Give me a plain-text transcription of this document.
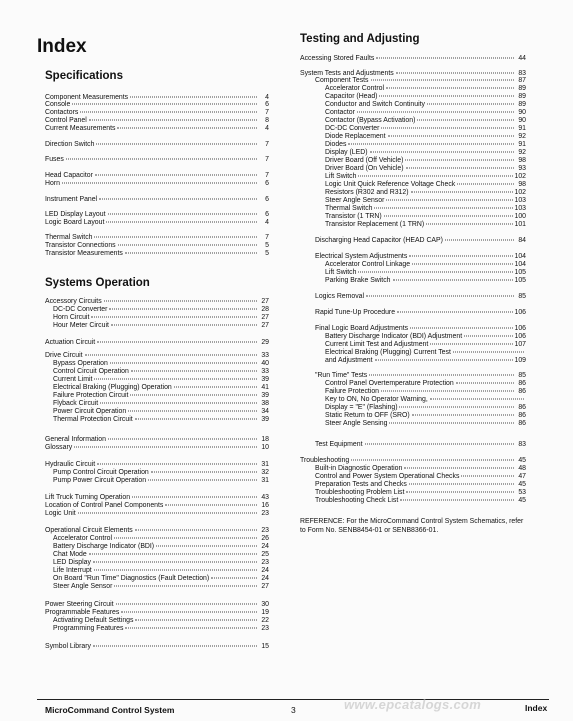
Index
Specifications
Component Measurements	4
Console	6
Contactors	7
Control Panel	8
Current Measurements	4
Direction Switch	7
Fuses	7
Head Capacitor	7
Horn	6
Instrument Panel	6
LED Display Layout	6
Logic Board Layout	4
Thermal Switch	7
Transistor Connections	5
Transistor Measurements	5
Systems Operation
Accessory Circuits	27
DC-DC Converter	28
Horn Circuit	27
Hour Meter Circuit	27
Actuation Circuit	29
Drive Circuit	33
Bypass Operation	40
Control Circuit Operation	33
Current Limit	39
Electrical Braking (Plugging) Operation	41
Failure Protection Circuit	39
Flyback Circuit	38
Power Circuit Operation	34
Thermal Protection Circuit	39
General Information	18
Glossary	10
Hydraulic Circuit	31
Pump Control Circuit Operation	32
Pump Power Circuit Operation	31
Lift Truck Turning Operation	43
Location of Control Panel Components	16
Logic Unit	23
Operational Circuit Elements	23
Accelerator Control	26
Battery Discharge Indicator (BDI)	24
Chat Mode	25
LED Display	23
Life Interrupt	24
On Board "Run Time" Diagnostics (Fault Detection)	24
Steer Angle Sensor	27
Power Steering Circuit	30
Programmable Features	19
Activating Default Settings	22
Programming Features	23
Symbol Library	15
Testing and Adjusting
Accessing Stored Faults	44
System Tests and Adjustments	83
Component Tests	87
Accelerator Control	89
Capacitor (Head)	89
Conductor and Switch Continuity	89
Contactor	90
Contactor (Bypass Activation)	90
DC-DC Converter	91
Diode Replacement	92
Diodes	91
Display (LED)	92
Driver Board (Off Vehicle)	98
Driver Board (On Vehicle)	93
Lift Switch	102
Logic Unit Quick Reference Voltage Check	98
Resistors (R302 and R312)	102
Steer Angle Sensor	103
Thermal Switch	103
Transistor (1 TRN)	100
Transistor Replacement (1 TRN)	101
Discharging Head Capacitor (HEAD CAP)	84
Electrical System Adjustments	104
Accelerator Control Linkage	104
Lift Switch	105
Parking Brake Switch	105
Logics Removal	85
Rapid Tune-Up Procedure	106
Final Logic Board Adjustments	106
Battery Discharge Indicator (BDI) Adjustment	106
Current Limit Test and Adjustment	107
Electrical Braking (Plugging) Current Test
and Adjustment	109
"Run Time" Tests	85
Control Panel Overtemperature Protection	86
Failure Protection	86
Key to ON, No Operator Warning,
Display = "E" (Flashing)	86
Static Return to OFF (SRO)	86
Steer Angle Sensing	86
Test Equipment	83
Troubleshooting	45
Built-in Diagnostic Operation	48
Control and Power System Operational Checks	47
Preparation Tests and Checks	45
Troubleshooting Problem List	53
Troubleshooting Check List	45
REFERENCE: For the MicroCommand Control System Schematics, refer to Form No. SENB8454-01 or SENB8366-01.
MicroCommand Control System	3	www.epcatalogs.com	Index
